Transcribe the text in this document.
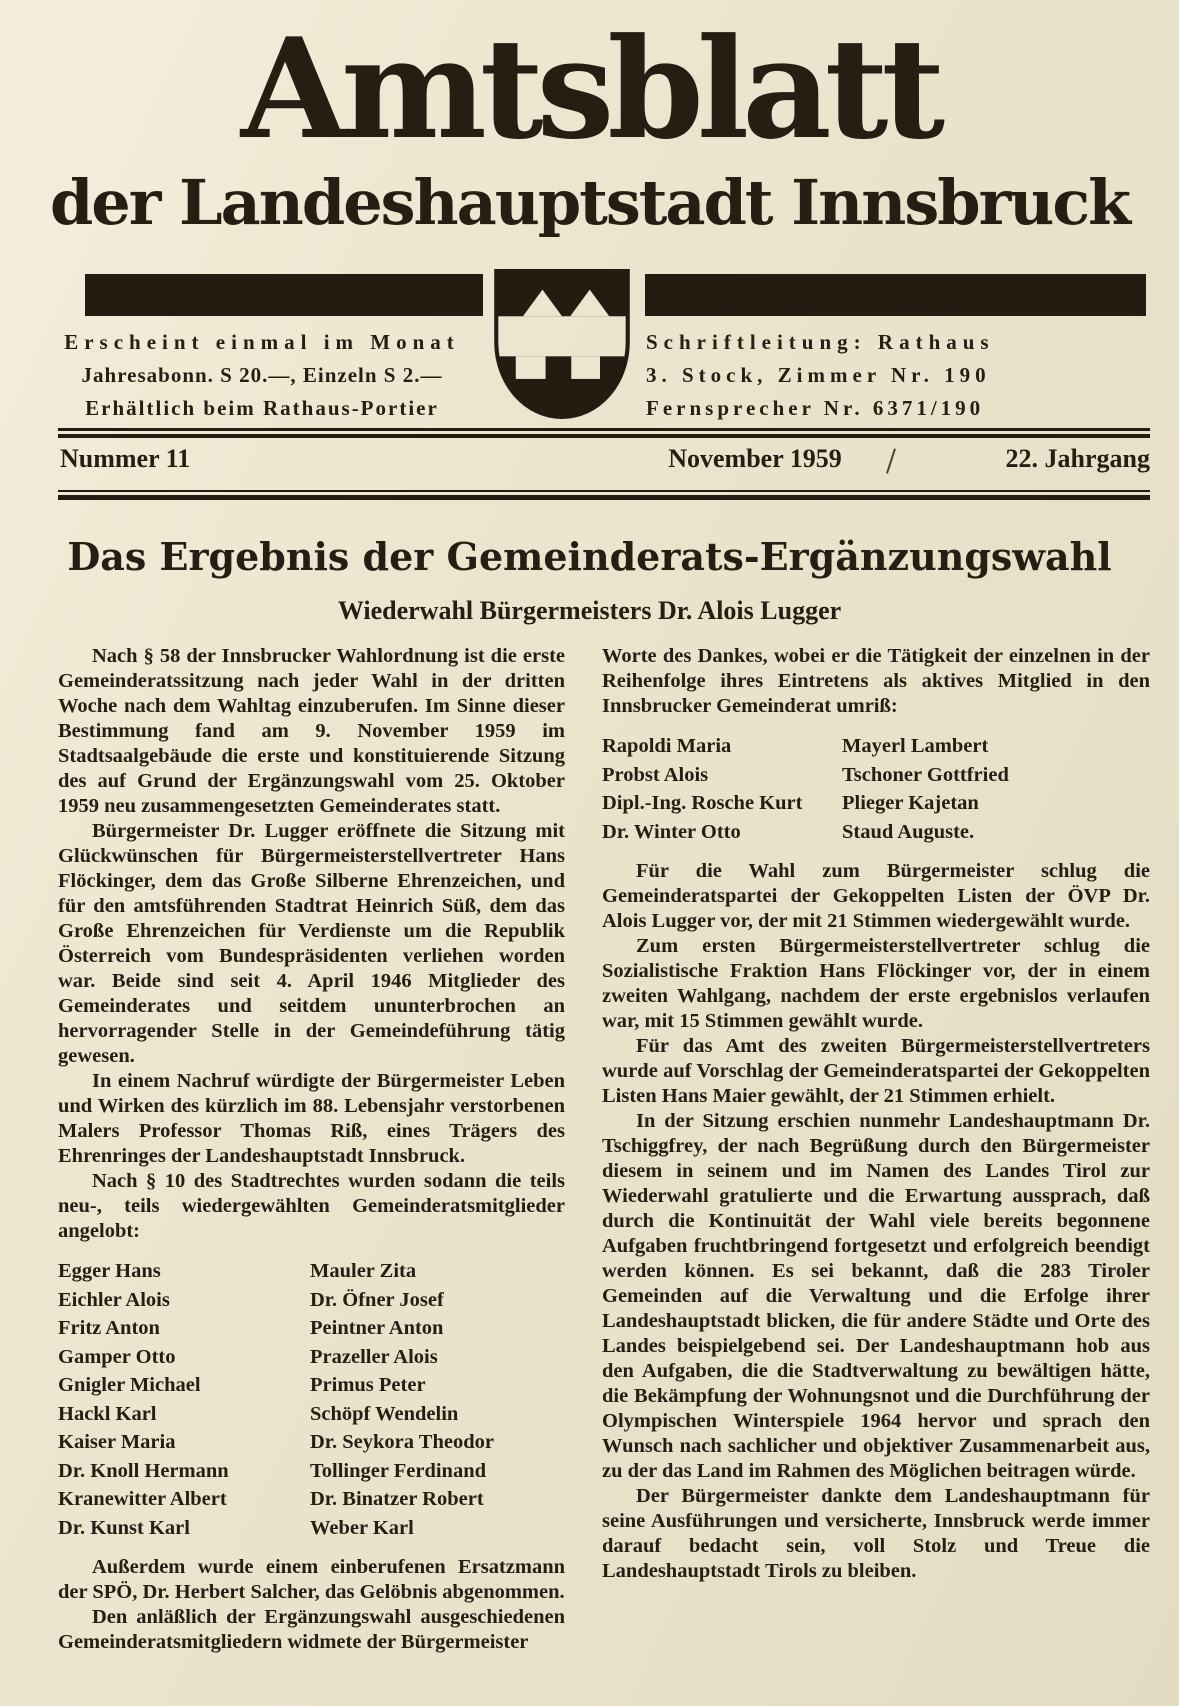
Amtsblatt
der Landeshauptstadt Innsbruck
Erscheint einmal im Monat
Jahresabonn. S 20.—, Einzeln S 2.—
Erhältlich beim Rathaus-Portier
Schriftleitung: Rathaus
3. Stock, Zimmer Nr. 190
Fernsprecher Nr. 6371/190
Nummer 11	November 1959	22. Jahrgang
Das Ergebnis der Gemeinderats-Ergänzungswahl
Wiederwahl Bürgermeisters Dr. Alois Lugger

Nach § 58 der Innsbrucker Wahlordnung ist die erste Gemeinderatssitzung nach jeder Wahl in der dritten Woche nach dem Wahltag einzuberufen. Im Sinne dieser Bestimmung fand am 9. November 1959 im Stadtsaalgebäude die erste und konstituierende Sitzung des auf Grund der Ergänzungswahl vom 25. Oktober 1959 neu zusammengesetzten Gemeinderates statt.

Bürgermeister Dr. Lugger eröffnete die Sitzung mit Glückwünschen für Bürgermeisterstellvertreter Hans Flöckinger, dem das Große Silberne Ehrenzeichen, und für den amtsführenden Stadtrat Heinrich Süß, dem das Große Ehrenzeichen für Verdienste um die Republik Österreich vom Bundespräsidenten verliehen worden war. Beide sind seit 4. April 1946 Mitglieder des Gemeinderates und seitdem ununterbrochen an hervorragender Stelle in der Gemeindeführung tätig gewesen.

In einem Nachruf würdigte der Bürgermeister Leben und Wirken des kürzlich im 88. Lebensjahr verstorbenen Malers Professor Thomas Riß, eines Trägers des Ehrenringes der Landeshauptstadt Innsbruck.

Nach § 10 des Stadtrechtes wurden sodann die teils neu-, teils wiedergewählten Gemeinderatsmitglieder angelobt:

Egger Hans	Mauler Zita
Eichler Alois	Dr. Öfner Josef
Fritz Anton	Peintner Anton
Gamper Otto	Prazeller Alois
Gnigler Michael	Primus Peter
Hackl Karl	Schöpf Wendelin
Kaiser Maria	Dr. Seykora Theodor
Dr. Knoll Hermann	Tollinger Ferdinand
Kranewitter Albert	Dr. Binatzer Robert
Dr. Kunst Karl	Weber Karl

Außerdem wurde einem einberufenen Ersatzmann der SPÖ, Dr. Herbert Salcher, das Gelöbnis abgenommen.

Den anläßlich der Ergänzungswahl ausgeschiedenen Gemeinderatsmitgliedern widmete der Bürgermeister

Worte des Dankes, wobei er die Tätigkeit der einzelnen in der Reihenfolge ihres Eintretens als aktives Mitglied in den Innsbrucker Gemeinderat umriß:

Rapoldi Maria	Mayerl Lambert
Probst Alois	Tschoner Gottfried
Dipl.-Ing. Rosche Kurt	Plieger Kajetan
Dr. Winter Otto	Staud Auguste.

Für die Wahl zum Bürgermeister schlug die Gemeinderatspartei der Gekoppelten Listen der ÖVP Dr. Alois Lugger vor, der mit 21 Stimmen wiedergewählt wurde.

Zum ersten Bürgermeisterstellvertreter schlug die Sozialistische Fraktion Hans Flöckinger vor, der in einem zweiten Wahlgang, nachdem der erste ergebnislos verlaufen war, mit 15 Stimmen gewählt wurde.

Für das Amt des zweiten Bürgermeisterstellvertreters wurde auf Vorschlag der Gemeinderatspartei der Gekoppelten Listen Hans Maier gewählt, der 21 Stimmen erhielt.

In der Sitzung erschien nunmehr Landeshauptmann Dr. Tschiggfrey, der nach Begrüßung durch den Bürgermeister diesem in seinem und im Namen des Landes Tirol zur Wiederwahl gratulierte und die Erwartung aussprach, daß durch die Kontinuität der Wahl viele bereits begonnene Aufgaben fruchtbringend fortgesetzt und erfolgreich beendigt werden können. Es sei bekannt, daß die 283 Tiroler Gemeinden auf die Verwaltung und die Erfolge ihrer Landeshauptstadt blicken, die für andere Städte und Orte des Landes beispielgebend sei. Der Landeshauptmann hob aus den Aufgaben, die die Stadtverwaltung zu bewältigen hätte, die Bekämpfung der Wohnungsnot und die Durchführung der Olympischen Winterspiele 1964 hervor und sprach den Wunsch nach sachlicher und objektiver Zusammenarbeit aus, zu der das Land im Rahmen des Möglichen beitragen würde.

Der Bürgermeister dankte dem Landeshauptmann für seine Ausführungen und versicherte, Innsbruck werde immer darauf bedacht sein, voll Stolz und Treue die Landeshauptstadt Tirols zu bleiben.
